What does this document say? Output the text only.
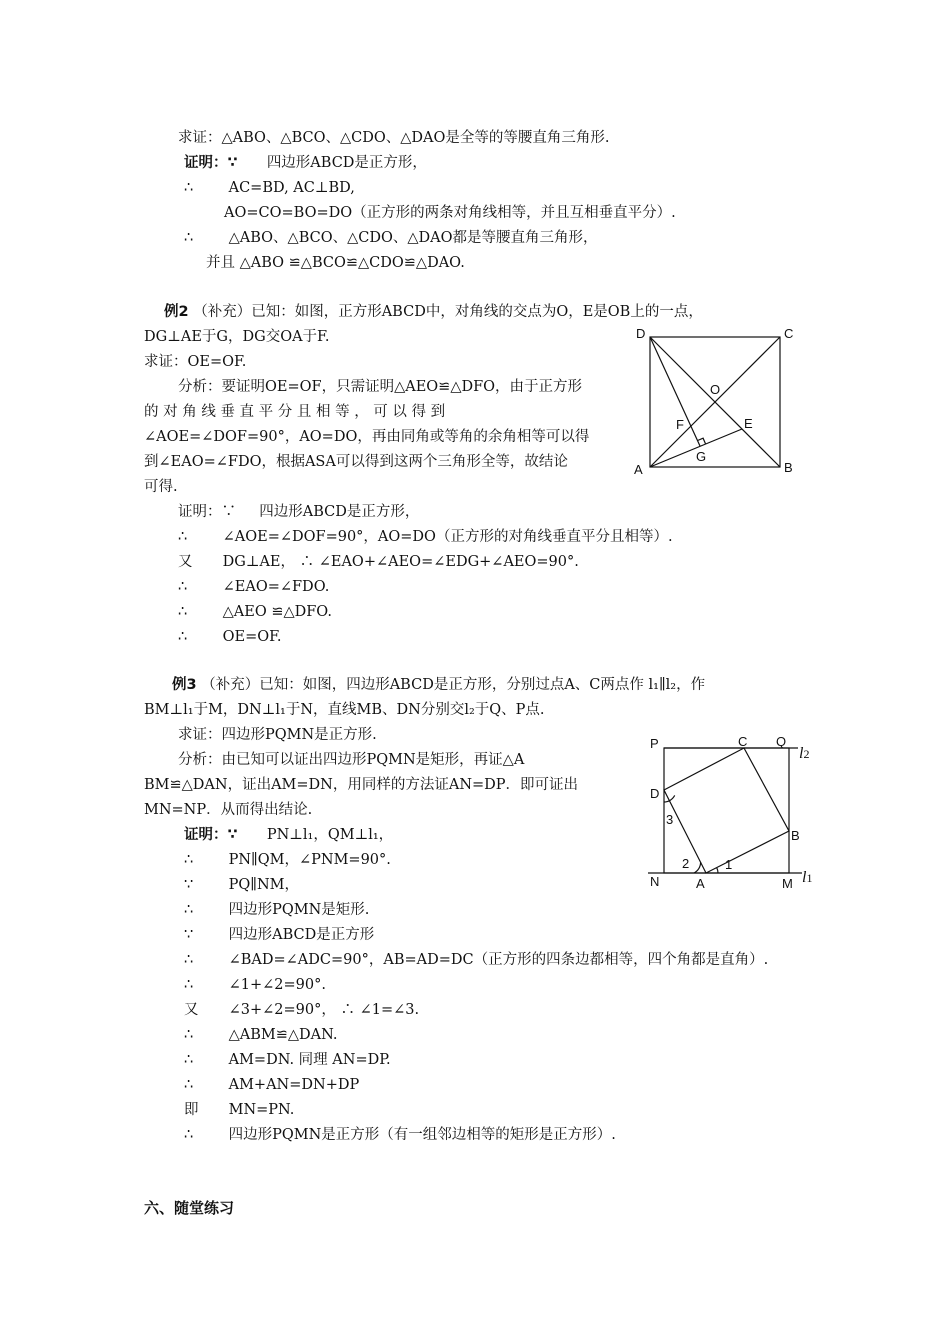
求证：△ABO、△BCO、△CDO、△DAO是全等的等腰直角三角形.
证明：∵ 四边形ABCD是正方形，
∴ AC=BD, AC⊥BD,
AO=CO=BO=DO（正方形的两条对角线相等，并且互相垂直平分）.
∴ △ABO、△BCO、△CDO、△DAO都是等腰直角三角形，
并且 △ABO ≌△BCO≌△CDO≌△DAO.
例2 （补充）已知：如图，正方形ABCD中，对角线的交点为O，E是OB上的一点，
DG⊥AE于G，DG交OA于F.
求证：OE=OF.
分析：要证明OE=OF，只需证明△AEO≌△DFO，由于正方形
的 对 角 线 垂 直 平 分 且 相 等 ， 可 以 得 到
∠AOE=∠DOF=90°，AO=DO，再由同角或等角的余角相等可以得
到∠EAO=∠FDO，根据ASA可以得到这两个三角形全等，故结论
可得.
证明：∵ 四边形ABCD是正方形，
∴ ∠AOE=∠DOF=90°，AO=DO（正方形的对角线垂直平分且相等）.
又 DG⊥AE， ∴ ∠EAO+∠AEO=∠EDG+∠AEO=90°.
∴ ∠EAO=∠FDO.
∴ △AEO ≌△DFO.
∴ OE=OF.
D	C
O
F	E
G
A	B
例3 （补充）已知：如图，四边形ABCD是正方形，分别过点A、C两点作 l₁∥l₂，作
BM⊥l₁于M，DN⊥l₁于N，直线MB、DN分别交l₂于Q、P点.
求证：四边形PQMN是正方形.
分析：由已知可以证出四边形PQMN是矩形，再证△A
BM≌△DAN，证出AM=DN，用同样的方法证AN=DP．即可证出
MN=NP．从而得出结论.
证明：∵ PN⊥l₁，QM⊥l₁，
∴ PN∥QM，∠PNM=90°.
∵ PQ∥NM，
∴ 四边形PQMN是矩形.
∵ 四边形ABCD是正方形
∴ ∠BAD=∠ADC=90°，AB=AD=DC（正方形的四条边都相等，四个角都是直角）.
∴ ∠1+∠2=90°.
又 ∠3+∠2=90°， ∴ ∠1=∠3.
∴ △ABM≌△DAN.
∴ AM=DN. 同理 AN=DP.
∴ AM+AN=DN+DP
即 MN=PN.
∴ 四边形PQMN是正方形（有一组邻边相等的矩形是正方形）.
P	C Q
l2
D
3
B
2	1
N	A	M l1
六、随堂练习
